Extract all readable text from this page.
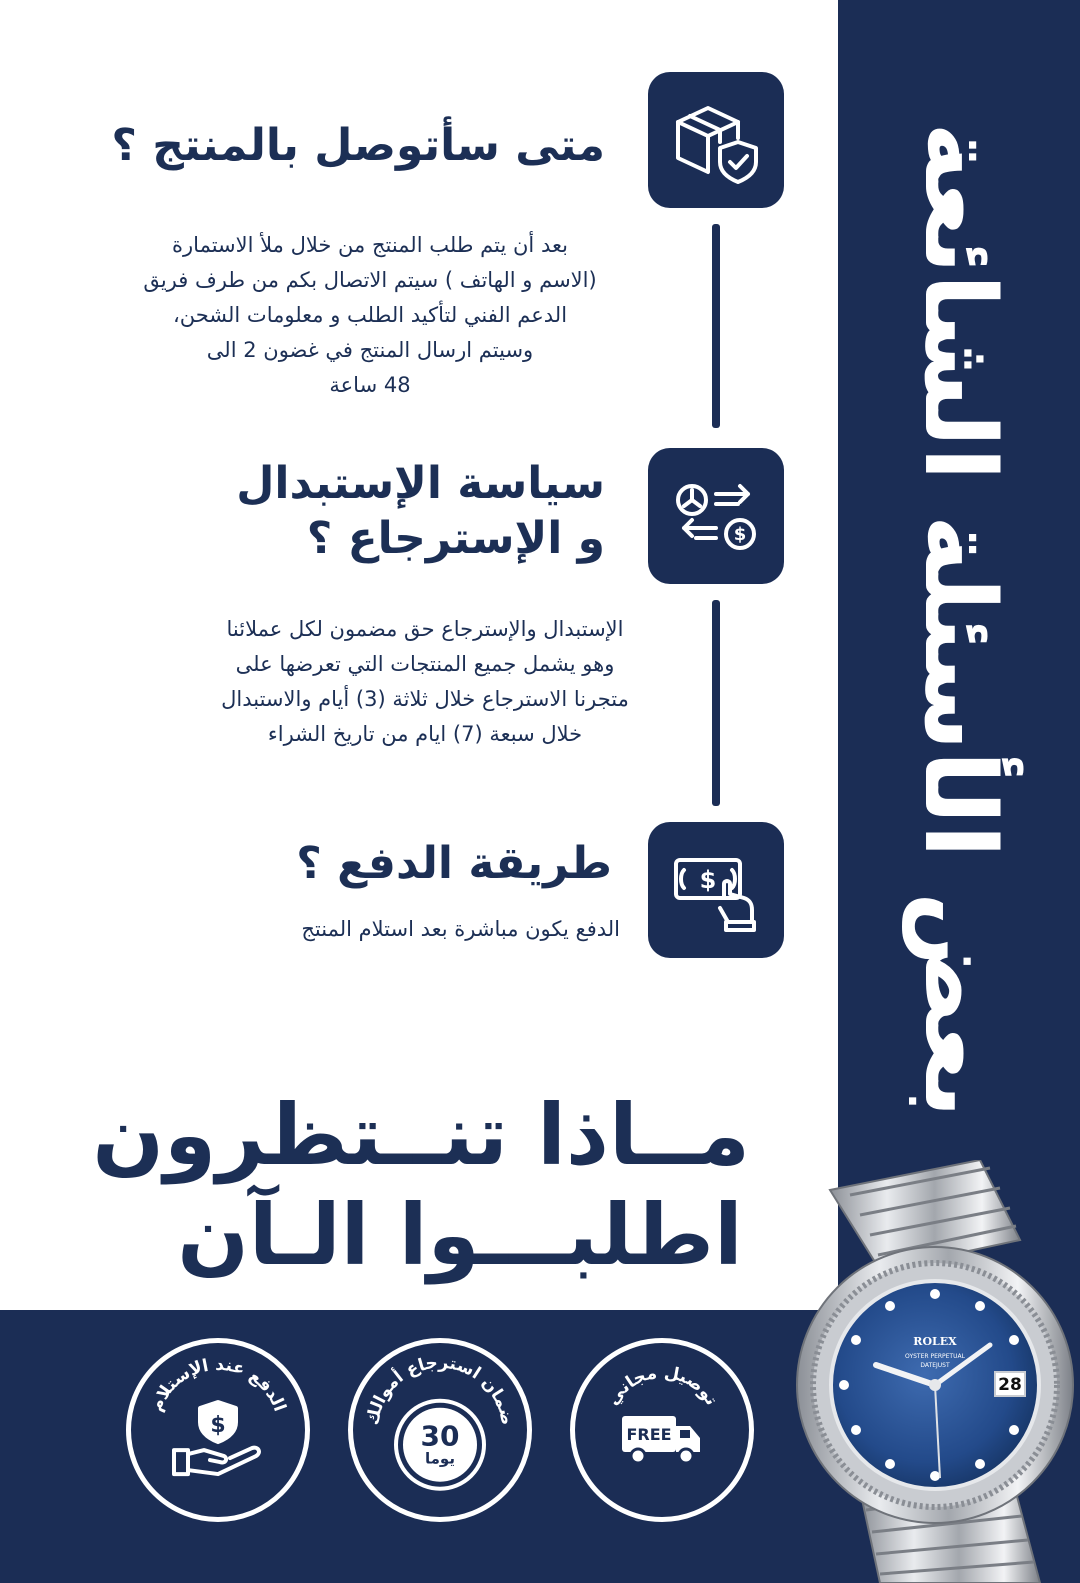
بعض الأسئلة الشائعة
متى سأتوصل بالمنتج ؟
بعد أن يتم طلب المنتج من خلال ملأ الاستمارة
(الاسم و الهاتف ) سيتم الاتصال بكم من طرف فريق
الدعم الفني لتأكيد الطلب و معلومات الشحن،
وسيتم ارسال المنتج في غضون 2 الى
48 ساعة
$
سياسة الإستبدال
و الإسترجاع ؟
الإستبدال والإسترجاع حق مضمون لكل عملائنا
وهو يشمل جميع المنتجات التي تعرضها على
متجرنا الاسترجاع خلال ثلاثة (3) أيام والاستبدال
خلال سبعة (7) ايام من تاريخ الشراء
$
طريقة الدفع ؟
الدفع يكون مباشرة بعد استلام المنتج
مــاذا تنــتظرون
اطلبـــوا الـآن
الدفع عند الإستلام
$	ضمان استرجاع أموالك
30
يوما
توصيل مجاني
FREE
28
ROLEX
OYSTER PERPETUAL
DATEJUST
